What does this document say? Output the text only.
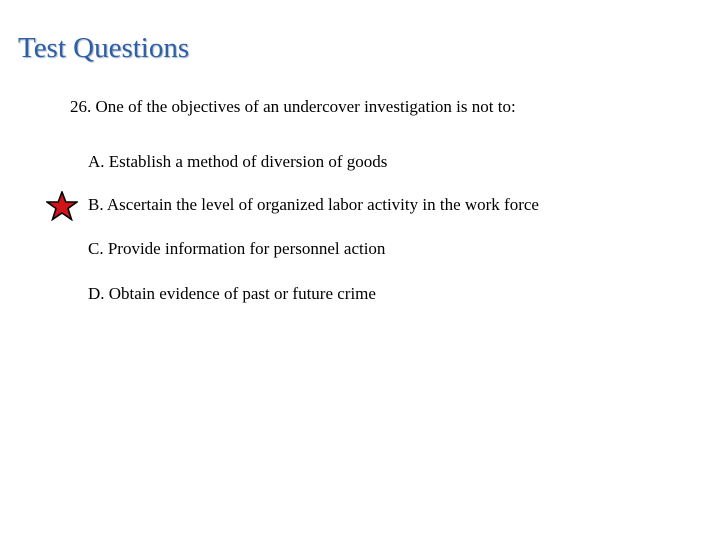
Test Questions
26. One of the objectives of an undercover investigation is not to:
A. Establish a method of diversion of goods
B. Ascertain the level of organized labor activity in the work force
C. Provide information for personnel action
D. Obtain evidence of past or future crime
